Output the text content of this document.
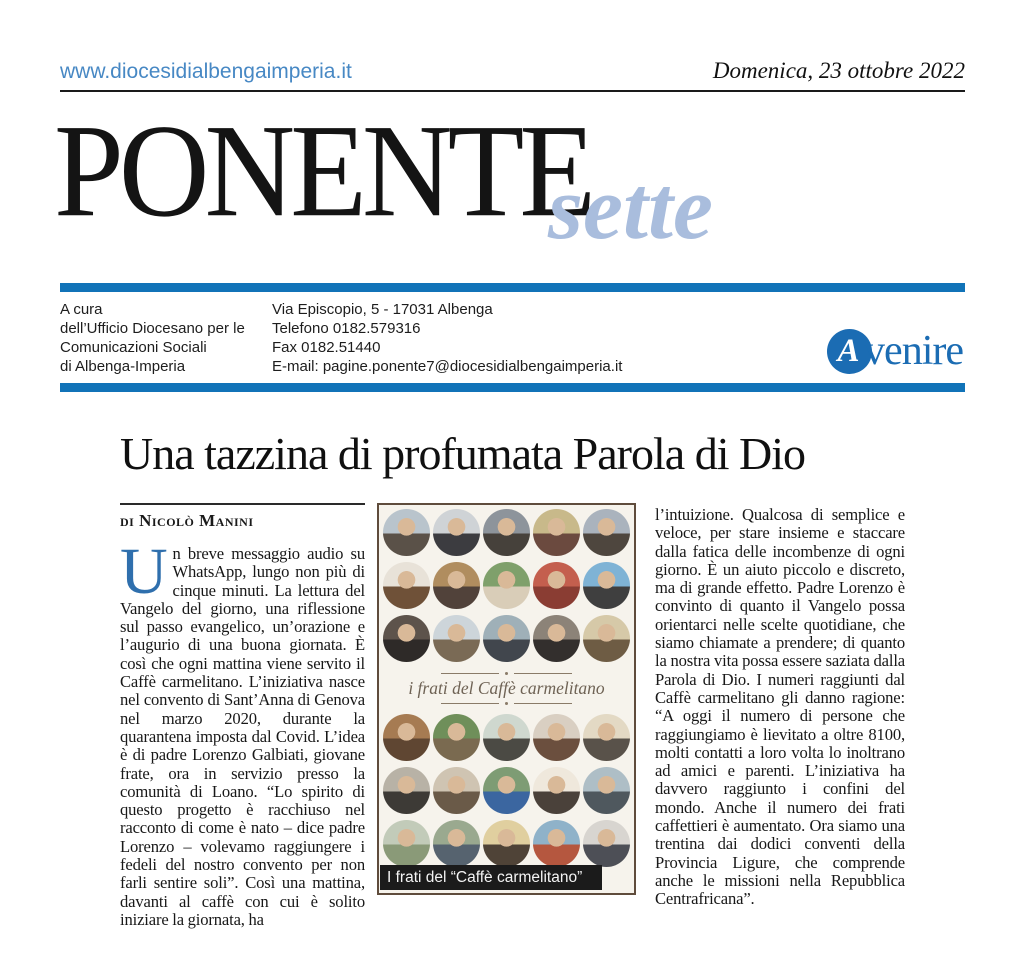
www.diocesidialbengaimperia.it	Domenica, 23 ottobre 2022
PONENTE
sette
A cura
dell’Ufficio Diocesano per le
Comunicazioni Sociali
di Albenga-Imperia
Via Episcopio, 5 - 17031 Albenga
Telefono 0182.579316
Fax 0182.51440
E-mail: pagine.ponente7@diocesidialbengaimperia.it	A venire
Una tazzina di profumata Parola di Dio
di Nicolò Manini
Un breve messaggio audio su WhatsApp, lungo non più di cinque minuti. La lettura del Vangelo del giorno, una riflessione sul passo evangelico, un’orazione e l’augurio di una buona giornata. È così che ogni mattina viene servito il Caffè carmelitano. L’iniziativa nasce nel convento di Sant’Anna di Genova nel marzo 2020, durante la quarantena imposta dal Covid. L’idea è di padre Lorenzo Galbiati, giovane frate, ora in servizio presso la comunità di Loano. “Lo spirito di questo progetto è racchiuso nel racconto di come è nato – dice padre Lorenzo – volevamo raggiungere i fedeli del nostro convento per non farli sentire soli”. Così una mattina, davanti al caffè con cui è solito iniziare la giornata, ha
i frati del Caffè carmelitano
I frati del “Caffè carmelitano”
l’intuizione. Qualcosa di semplice e veloce, per stare insieme e staccare dalla fatica delle incombenze di ogni giorno. È un aiuto piccolo e discreto, ma di grande effetto. Padre Lorenzo è convinto di quanto il Vangelo possa orientarci nelle scelte quotidiane, che siamo chiamate a prendere; di quanto la nostra vita possa essere saziata dalla Parola di Dio. I numeri raggiunti dal Caffè carmelitano gli danno ragione: “A oggi il numero di persone che raggiungiamo è lievitato a oltre 8100, molti contatti a loro volta lo inoltrano ad amici e parenti. L’iniziativa ha davvero raggiunto i confini del mondo. Anche il numero dei frati caffettieri è aumentato. Ora siamo una trentina dai dodici conventi della Provincia Ligure, che comprende anche le missioni nella Repubblica Centrafricana”.
